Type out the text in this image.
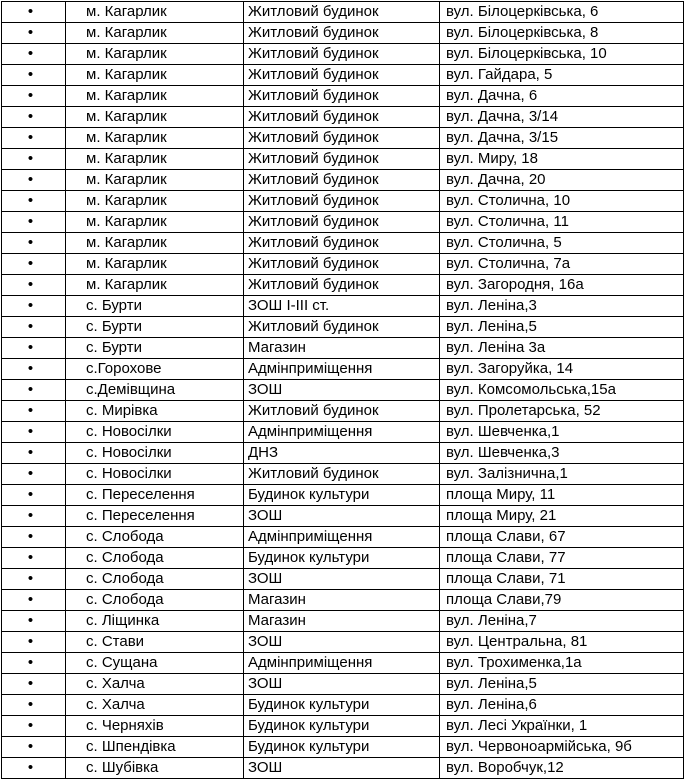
•	м. Кагарлик	Житловий будинок	вул. Білоцерківська, 6
•	м. Кагарлик	Житловий будинок	вул. Білоцерківська, 8
•	м. Кагарлик	Житловий будинок	вул. Білоцерківська, 10
•	м. Кагарлик	Житловий будинок	вул. Гайдара, 5
•	м. Кагарлик	Житловий будинок	вул. Дачна, 6
•	м. Кагарлик	Житловий будинок	вул. Дачна, 3/14
•	м. Кагарлик	Житловий будинок	вул. Дачна, 3/15
•	м. Кагарлик	Житловий будинок	вул. Миру, 18
•	м. Кагарлик	Житловий будинок	вул. Дачна, 20
•	м. Кагарлик	Житловий будинок	вул. Столична, 10
•	м. Кагарлик	Житловий будинок	вул. Столична, 11
•	м. Кагарлик	Житловий будинок	вул. Столична, 5
•	м. Кагарлик	Житловий будинок	вул. Столична, 7а
•	м. Кагарлик	Житловий будинок	вул. Загородня, 16а
•	с. Бурти	ЗОШ І-ІІІ ст.	вул. Леніна,3
•	с. Бурти	Житловий будинок	вул. Леніна,5
•	с. Бурти	Магазин	вул. Леніна 3а
•	с.Горохове	Адмінприміщення	вул. Загоруйка, 14
•	с.Демівщина	ЗОШ	вул. Комсомольська,15а
•	с. Мирівка	Житловий будинок	вул. Пролетарська, 52
•	с. Новосілки	Адмінприміщення	вул. Шевченка,1
•	с. Новосілки	ДНЗ	вул. Шевченка,3
•	с. Новосілки	Житловий будинок	вул. Залізнична,1
•	с. Переселення	Будинок культури	площа Миру, 11
•	с. Переселення	ЗОШ	площа Миру, 21
•	с. Слобода	Адмінприміщення	площа Слави, 67
•	с. Слобода	Будинок культури	площа Слави, 77
•	с. Слобода	ЗОШ	площа Слави, 71
•	с. Слобода	Магазин	площа Слави,79
•	с. Ліщинка	Магазин	вул. Леніна,7
•	с. Стави	ЗОШ	вул. Центральна, 81
•	с. Сущана	Адмінприміщення	вул. Трохименка,1а
•	с. Халча	ЗОШ	вул. Леніна,5
•	с. Халча	Будинок культури	вул. Леніна,6
•	с. Черняхів	Будинок культури	вул. Лесі Українки, 1
•	с. Шпендівка	Будинок культури	вул. Червоноармійська, 9б
•	с. Шубівка	ЗОШ	вул. Воробчук,12
